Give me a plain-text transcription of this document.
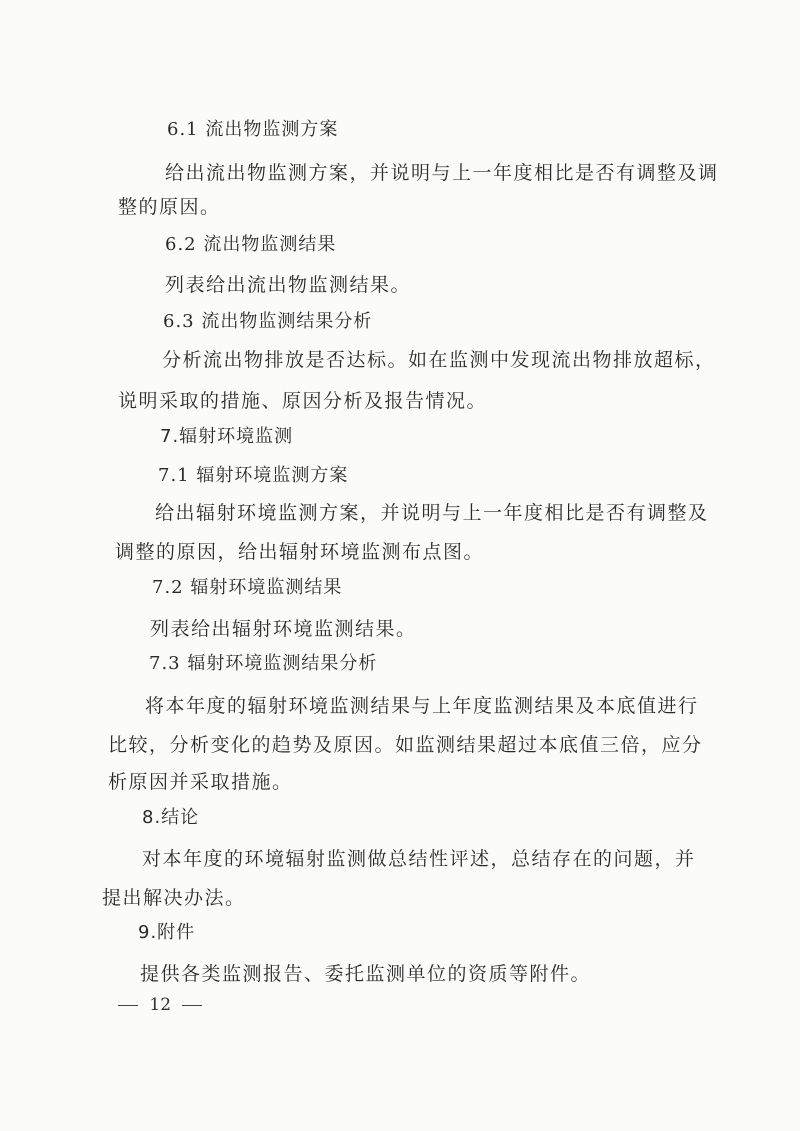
6.1 流出物监测方案
给出流出物监测方案，并说明与上一年度相比是否有调整及调
整的原因。
6.2 流出物监测结果
列表给出流出物监测结果。
6.3 流出物监测结果分析
分析流出物排放是否达标。如在监测中发现流出物排放超标，
说明采取的措施、原因分析及报告情况。
7.辐射环境监测
7.1 辐射环境监测方案
给出辐射环境监测方案，并说明与上一年度相比是否有调整及
调整的原因，给出辐射环境监测布点图。
7.2 辐射环境监测结果
列表给出辐射环境监测结果。
7.3 辐射环境监测结果分析
将本年度的辐射环境监测结果与上年度监测结果及本底值进行
比较，分析变化的趋势及原因。如监测结果超过本底值三倍，应分
析原因并采取措施。
8.结论
对本年度的环境辐射监测做总结性评述，总结存在的问题，并
提出解决办法。
9.附件
提供各类监测报告、委托监测单位的资质等附件。
12
